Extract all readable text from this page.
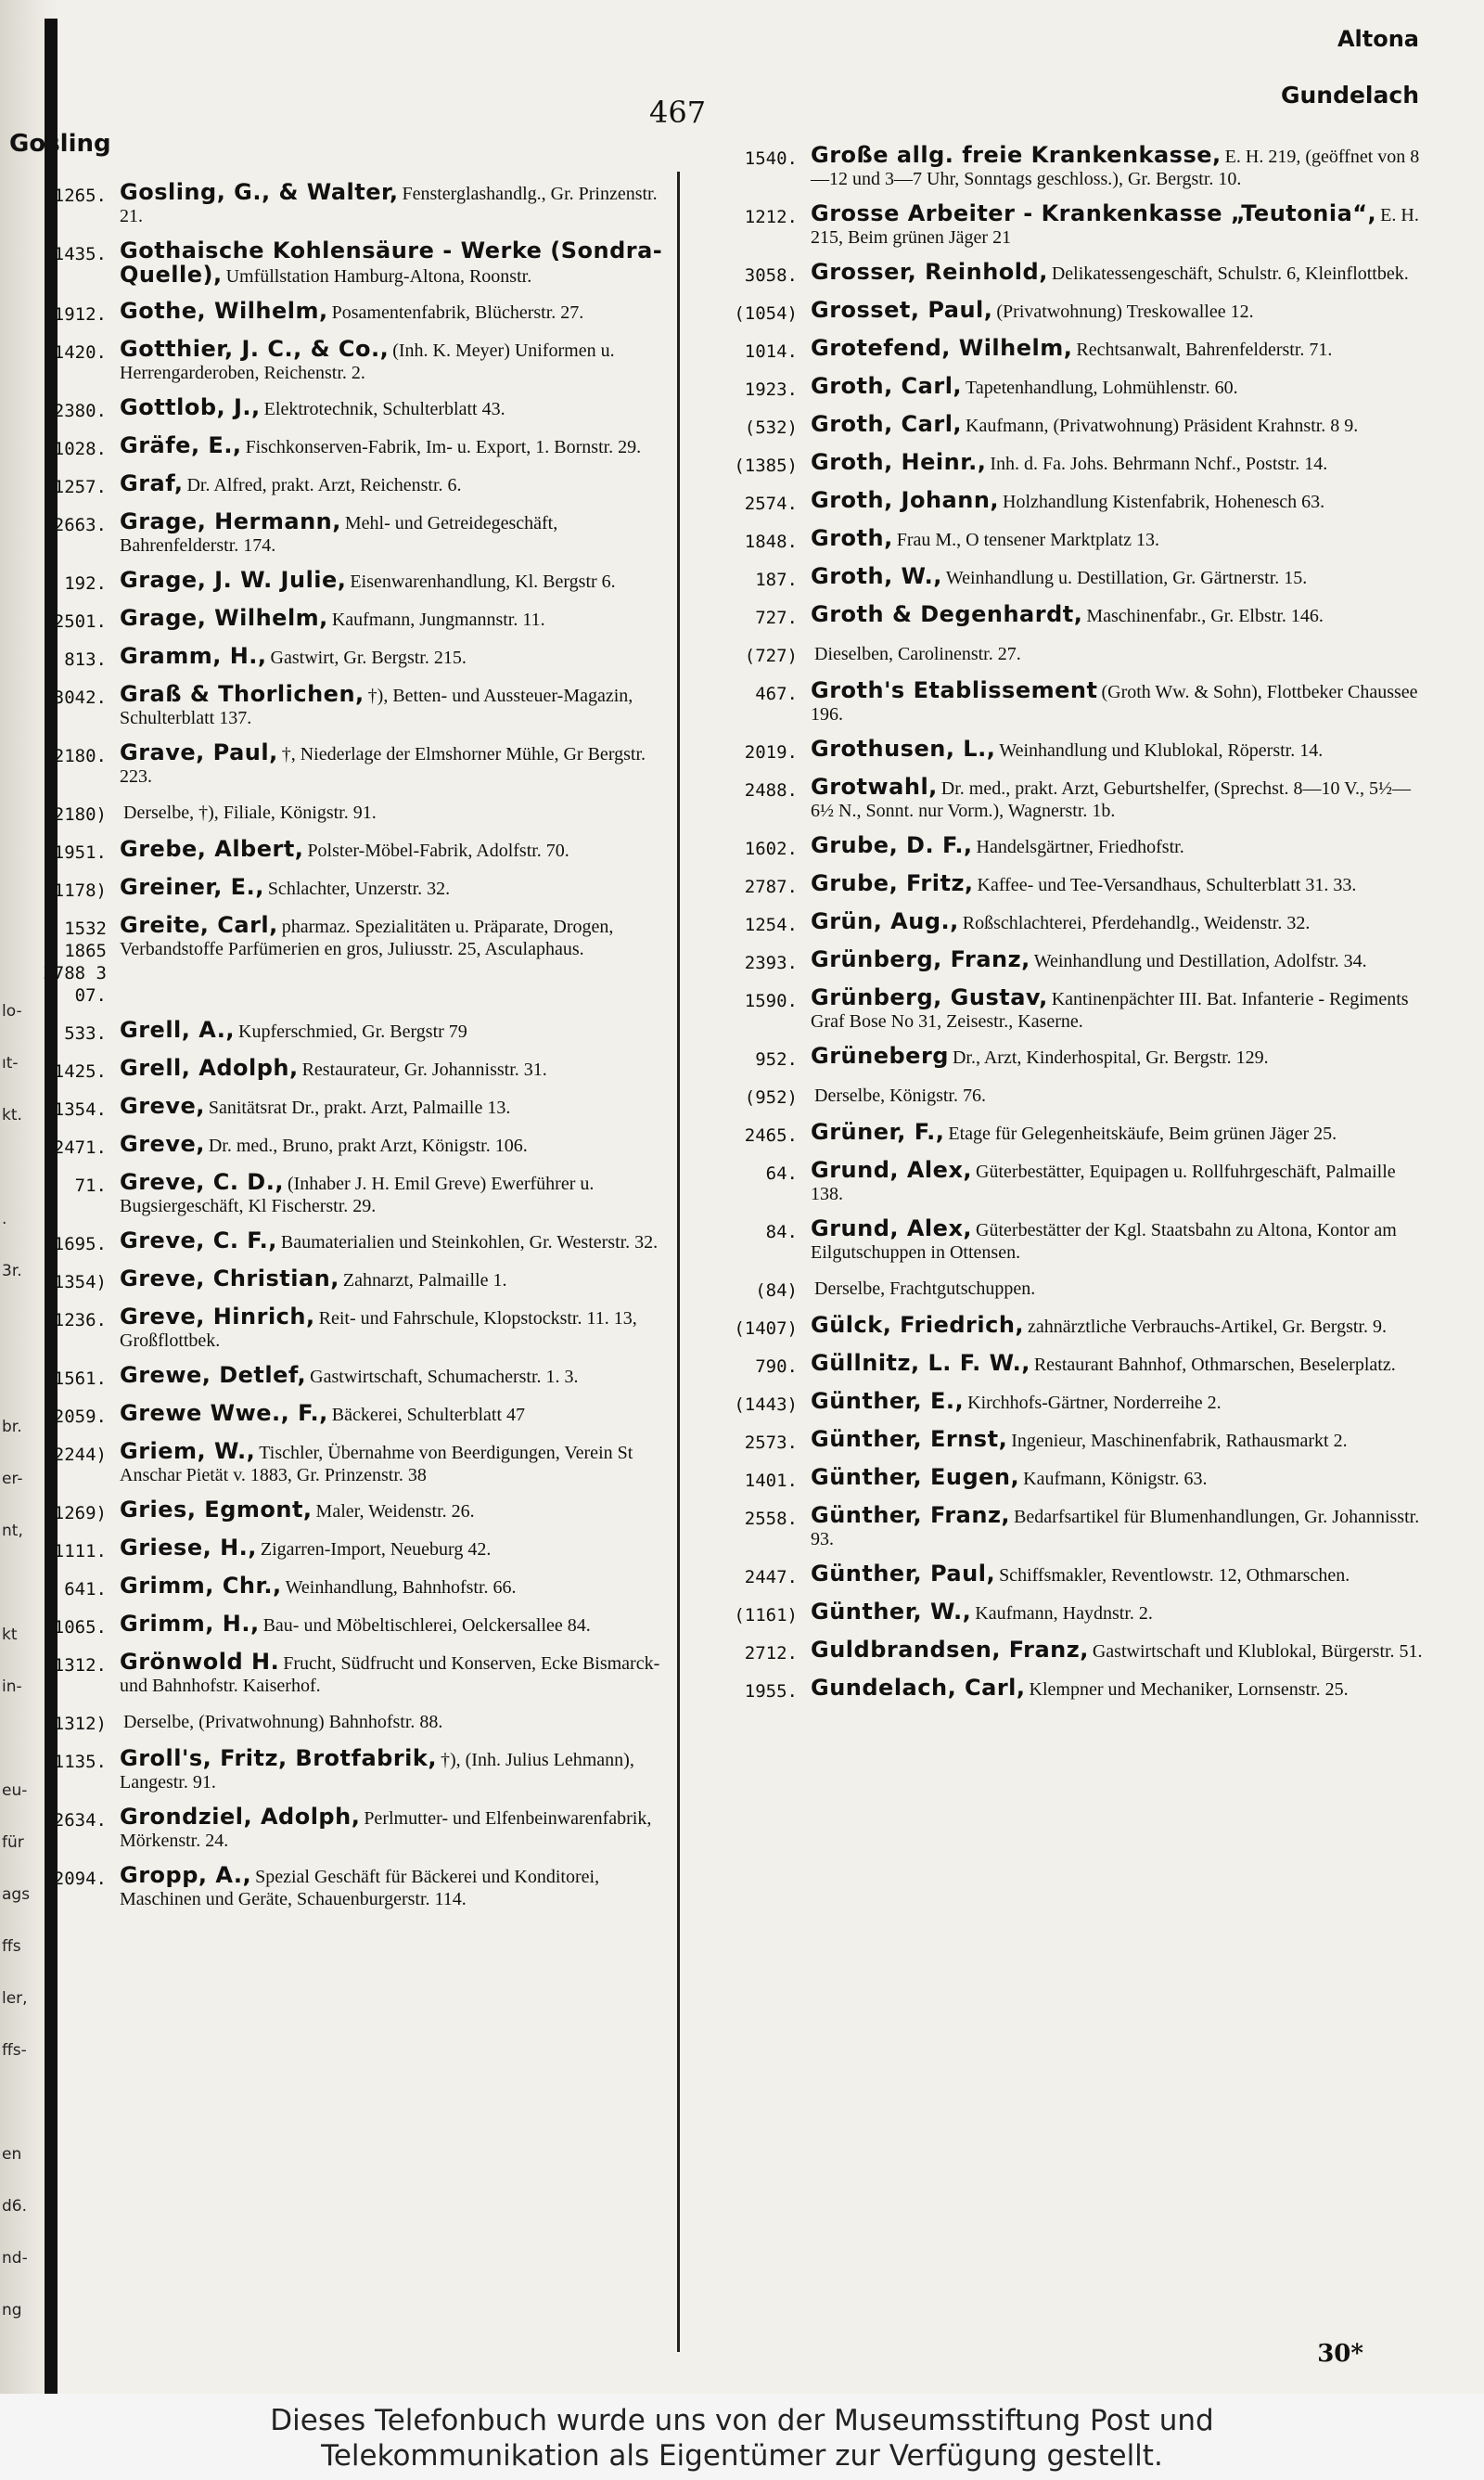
lo-
ıt-
kt.
.
3r.
br.
er-
nt,
kt
in-
eu-
für
ags
ffs
ler,
ffs-
en
d6.
nd-
ng
Gosling
467
Altona
Gundelach
1265. Gosling, G., & Walter, Fensterglashandlg., Gr. Prinzenstr. 21.
1435. Gothaische Kohlensäure - Werke (Sondra-Quelle), Umfüllstation Hamburg-Altona, Roonstr.
1912. Gothe, Wilhelm, Posamentenfabrik, Blücherstr. 27.
1420. Gotthier, J. C., & Co., (Inh. K. Meyer) Uniformen u. Herrengarderoben, Reichenstr. 2.
2380. Gottlob, J., Elektrotechnik, Schulterblatt 43.
1028. Gräfe, E., Fischkonserven-Fabrik, Im- u. Export, 1. Bornstr. 29.
1257. Graf, Dr. Alfred, prakt. Arzt, Reichenstr. 6.
2663. Grage, Hermann, Mehl- und Getreidegeschäft, Bahrenfelderstr. 174.
192. Grage, J. W. Julie, Eisenwarenhandlung, Kl. Bergstr 6.
2501. Grage, Wilhelm, Kaufmann, Jungmannstr. 11.
813. Gramm, H., Gastwirt, Gr. Bergstr. 215.
3042. Graß & Thorlichen, †), Betten- und Aussteuer-Magazin, Schulterblatt 137.
2180. Grave, Paul, †, Niederlage der Elmshorner Mühle, Gr Bergstr. 223.
(2180) Derselbe, †), Filiale, Königstr. 91.
1951. Grebe, Albert, Polster-Möbel-Fabrik, Adolfstr. 70.
(1178) Greiner, E., Schlachter, Unzerstr. 32.
1532 1865 2788 3 07.
Greite, Carl, pharmaz. Spezialitäten u. Präparate, Drogen, Verbandstoffe Parfümerien en gros, Juliusstr. 25, Asculaphaus.
533. Grell, A., Kupferschmied, Gr. Bergstr 79
1425. Grell, Adolph, Restaurateur, Gr. Johannisstr. 31.
1354. Greve, Sanitätsrat Dr., prakt. Arzt, Palmaille 13.
2471. Greve, Dr. med., Bruno, prakt Arzt, Königstr. 106.
71. Greve, C. D., (Inhaber J. H. Emil Greve) Ewerführer u. Bugsiergeschäft, Kl Fischerstr. 29.
1695. Greve, C. F., Baumaterialien und Steinkohlen, Gr. Westerstr. 32.
(1354) Greve, Christian, Zahnarzt, Palmaille 1.
1236. Greve, Hinrich, Reit- und Fahrschule, Klopstockstr. 11. 13, Großflottbek.
1561. Grewe, Detlef, Gastwirtschaft, Schumacherstr. 1. 3.
2059. Grewe Wwe., F., Bäckerei, Schulterblatt 47
(2244) Griem, W., Tischler, Übernahme von Beerdigungen, Verein St Anschar Pietät v. 1883, Gr. Prinzenstr. 38
(1269) Gries, Egmont, Maler, Weidenstr. 26.
1111. Griese, H., Zigarren-Import, Neueburg 42.
641. Grimm, Chr., Weinhandlung, Bahnhofstr. 66.
1065. Grimm, H., Bau- und Möbeltischlerei, Oelckersallee 84.
1312. Grönwold H. Frucht, Südfrucht und Konserven, Ecke Bismarck- und Bahnhofstr. Kaiserhof.
(1312) Derselbe, (Privatwohnung) Bahnhofstr. 88.
1135. Groll's, Fritz, Brotfabrik, †), (Inh. Julius Lehmann), Langestr. 91.
2634. Grondziel, Adolph, Perlmutter- und Elfenbeinwarenfabrik, Mörkenstr. 24.
2094. Gropp, A., Spezial Geschäft für Bäckerei und Konditorei, Maschinen und Geräte, Schauenburgerstr. 114.
1540. Große allg. freie Krankenkasse, E. H. 219, (geöffnet von 8—12 und 3—7 Uhr, Sonntags geschloss.), Gr. Bergstr. 10.
1212. Grosse Arbeiter - Krankenkasse „Teutonia“, E. H. 215, Beim grünen Jäger 21
3058. Grosser, Reinhold, Delikatessengeschäft, Schulstr. 6, Kleinflottbek.
(1054) Grosset, Paul, (Privatwohnung) Treskowallee 12.
1014. Grotefend, Wilhelm, Rechtsanwalt, Bahrenfelderstr. 71.
1923. Groth, Carl, Tapetenhandlung, Lohmühlenstr. 60.
(532) Groth, Carl, Kaufmann, (Privatwohnung) Präsident Krahnstr. 8 9.
(1385) Groth, Heinr., Inh. d. Fa. Johs. Behrmann Nchf., Poststr. 14.
2574. Groth, Johann, Holzhandlung Kistenfabrik, Hohenesch 63.
1848. Groth, Frau M., O tensener Marktplatz 13.
187. Groth, W., Weinhandlung u. Destillation, Gr. Gärtnerstr. 15.
727. Groth & Degenhardt, Maschinenfabr., Gr. Elbstr. 146.
(727) Dieselben, Carolinenstr. 27.
467. Groth's Etablissement (Groth Ww. & Sohn), Flottbeker Chaussee 196.
2019. Grothusen, L., Weinhandlung und Klublokal, Röperstr. 14.
2488. Grotwahl, Dr. med., prakt. Arzt, Geburtshelfer, (Sprechst. 8—10 V., 5½—6½ N., Sonnt. nur Vorm.), Wagnerstr. 1b.
1602. Grube, D. F., Handelsgärtner, Friedhofstr.
2787. Grube, Fritz, Kaffee- und Tee-Versandhaus, Schulterblatt 31. 33.
1254. Grün, Aug., Roßschlachterei, Pferdehandlg., Weidenstr. 32.
2393. Grünberg, Franz, Weinhandlung und Destillation, Adolfstr. 34.
1590. Grünberg, Gustav, Kantinenpächter III. Bat. Infanterie - Regiments Graf Bose No 31, Zeisestr., Kaserne.
952. Grüneberg Dr., Arzt, Kinderhospital, Gr. Bergstr. 129.
(952) Derselbe, Königstr. 76.
2465. Grüner, F., Etage für Gelegenheitskäufe, Beim grünen Jäger 25.
64. Grund, Alex, Güterbestätter, Equipagen u. Rollfuhrgeschäft, Palmaille 138.
84. Grund, Alex, Güterbestätter der Kgl. Staatsbahn zu Altona, Kontor am Eilgutschuppen in Ottensen.
(84) Derselbe, Frachtgutschuppen.
(1407) Gülck, Friedrich, zahnärztliche Verbrauchs-Artikel, Gr. Bergstr. 9.
790. Güllnitz, L. F. W., Restaurant Bahnhof, Othmarschen, Beselerplatz.
(1443) Günther, E., Kirchhofs-Gärtner, Norderreihe 2.
2573. Günther, Ernst, Ingenieur, Maschinenfabrik, Rathausmarkt 2.
1401. Günther, Eugen, Kaufmann, Königstr. 63.
2558. Günther, Franz, Bedarfsartikel für Blumenhandlungen, Gr. Johannisstr. 93.
2447. Günther, Paul, Schiffsmakler, Reventlowstr. 12, Othmarschen.
(1161) Günther, W., Kaufmann, Haydnstr. 2.
2712. Guldbrandsen, Franz, Gastwirtschaft und Klublokal, Bürgerstr. 51.
1955. Gundelach, Carl, Klempner und Mechaniker, Lornsenstr. 25.
30*
Dieses Telefonbuch wurde uns von der Museumsstiftung Post und
Telekommunikation als Eigentümer zur Verfügung gestellt.
